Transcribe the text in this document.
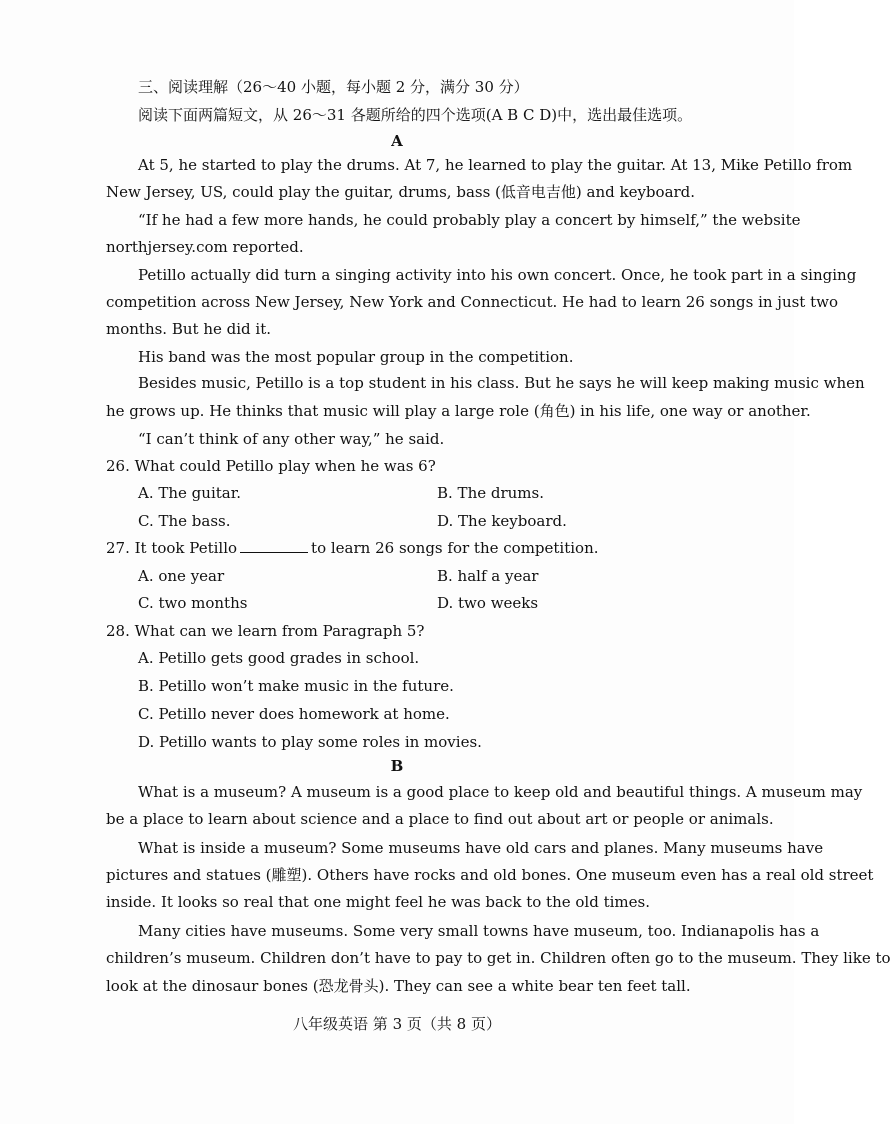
三、阅读理解（26～40 小题，每小题 2 分，满分 30 分）
阅读下面两篇短文，从 26～31 各题所给的四个选项(A B C D)中，选出最佳选项。
A
At 5, he started to play the drums. At 7, he learned to play the guitar. At 13, Mike Petillo from
New Jersey, US, could play the guitar, drums, bass (低音电吉他) and keyboard.
“If he had a few more hands, he could probably play a concert by himself,” the website
northjersey.com reported.
Petillo actually did turn a singing activity into his own concert. Once, he took part in a singing
competition across New Jersey, New York and Connecticut. He had to learn 26 songs in just two
months. But he did it.
His band was the most popular group in the competition.
Besides music, Petillo is a top student in his class. But he says he will keep making music when
he grows up. He thinks that music will play a large role (角色) in his life, one way or another.
“I can’t think of any other way,” he said.
26. What could Petillo play when he was 6?
A. The guitar.	B. The drums.
C. The bass.	D. The keyboard.
27. It took Petillo	to learn 26 songs for the competition.
A. one year	B. half a year
C. two months	D. two weeks
28. What can we learn from Paragraph 5?
A. Petillo gets good grades in school.
B. Petillo won’t make music in the future.
C. Petillo never does homework at home.
D. Petillo wants to play some roles in movies.
B
What is a museum? A museum is a good place to keep old and beautiful things. A museum may
be a place to learn about science and a place to find out about art or people or animals.
What is inside a museum? Some museums have old cars and planes. Many museums have
pictures and statues (雕塑). Others have rocks and old bones. One museum even has a real old street
inside. It looks so real that one might feel he was back to the old times.
Many cities have museums. Some very small towns have museum, too. Indianapolis has a
children’s museum. Children don’t have to pay to get in. Children often go to the museum. They like to
look at the dinosaur bones (恐龙骨头). They can see a white bear ten feet tall.
八年级英语 第 3 页（共 8 页）
